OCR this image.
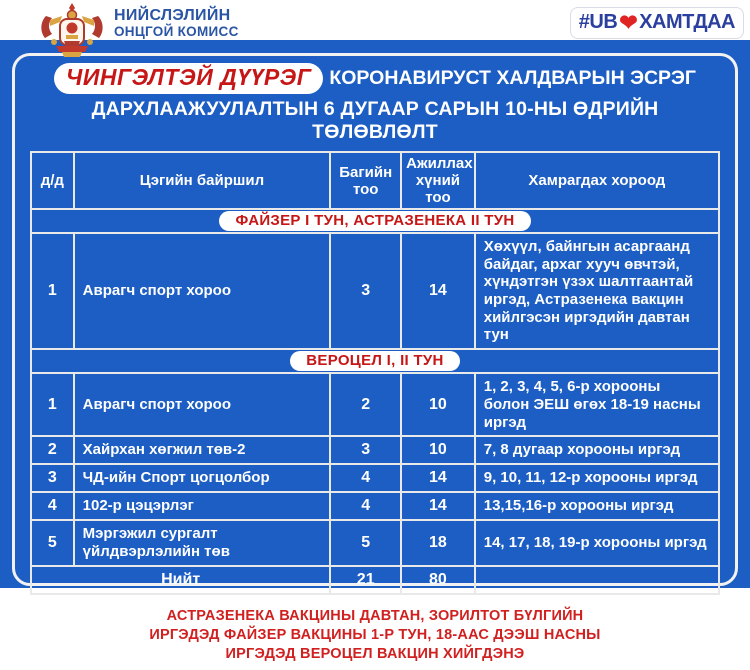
НИЙСЛЭЛИЙН
ОНЦГОЙ КОМИСС	#UB ❤ ХАМТДАА
ЧИНГЭЛТЭЙ ДҮҮРЭГ КОРОНАВИРУСТ ХАЛДВАРЫН ЭСРЭГ
ДАРХЛААЖУУЛАЛТЫН 6 ДУГААР САРЫН 10-НЫ ӨДРИЙН ТӨЛӨВЛӨЛТ
д/д	Цэгийн байршил	Багийн тоо	Ажиллах хүний тоо	Хамрагдах хороод
ФАЙЗЕР I ТУН, АСТРАЗЕНЕКА II ТУН				
1	Аврагч спорт хороо	3	14	Хөхүүл, байнгын асаргаанд байдаг, архаг хууч өвчтэй, хүндэтгэн үзэх шалтгаантай иргэд, Астразенека вакцин хийлгэсэн иргэдийн давтан тун
ВЕРОЦЕЛ I, II ТУН				
1	Аврагч спорт хороо	2	10	1, 2, 3, 4, 5, 6-р хорооны болон ЭЕШ өгөх 18-19 насны иргэд
2	Хайрхан хөгжил төв-2	3	10	7, 8 дугаар хорооны иргэд
3	ЧД-ийн Спорт цогцолбор	4	14	9, 10, 11, 12-р хорооны иргэд
4	102-р цэцэрлэг	4	14	13,15,16-р хорооны иргэд
5	Мэргэжил сургалт үйлдвэрлэлийн төв	5	18	14, 17, 18, 19-р хорооны иргэд
Нийт		21	80	
АСТРАЗЕНЕКА ВАКЦИНЫ ДАВТАН, ЗОРИЛТОТ БҮЛГИЙН ИРГЭДЭД ФАЙЗЕР ВАКЦИНЫ 1-Р ТУН, 18-ААС ДЭЭШ НАСНЫ ИРГЭДЭД ВЕРОЦЕЛ ВАКЦИН ХИЙГДЭНЭ
